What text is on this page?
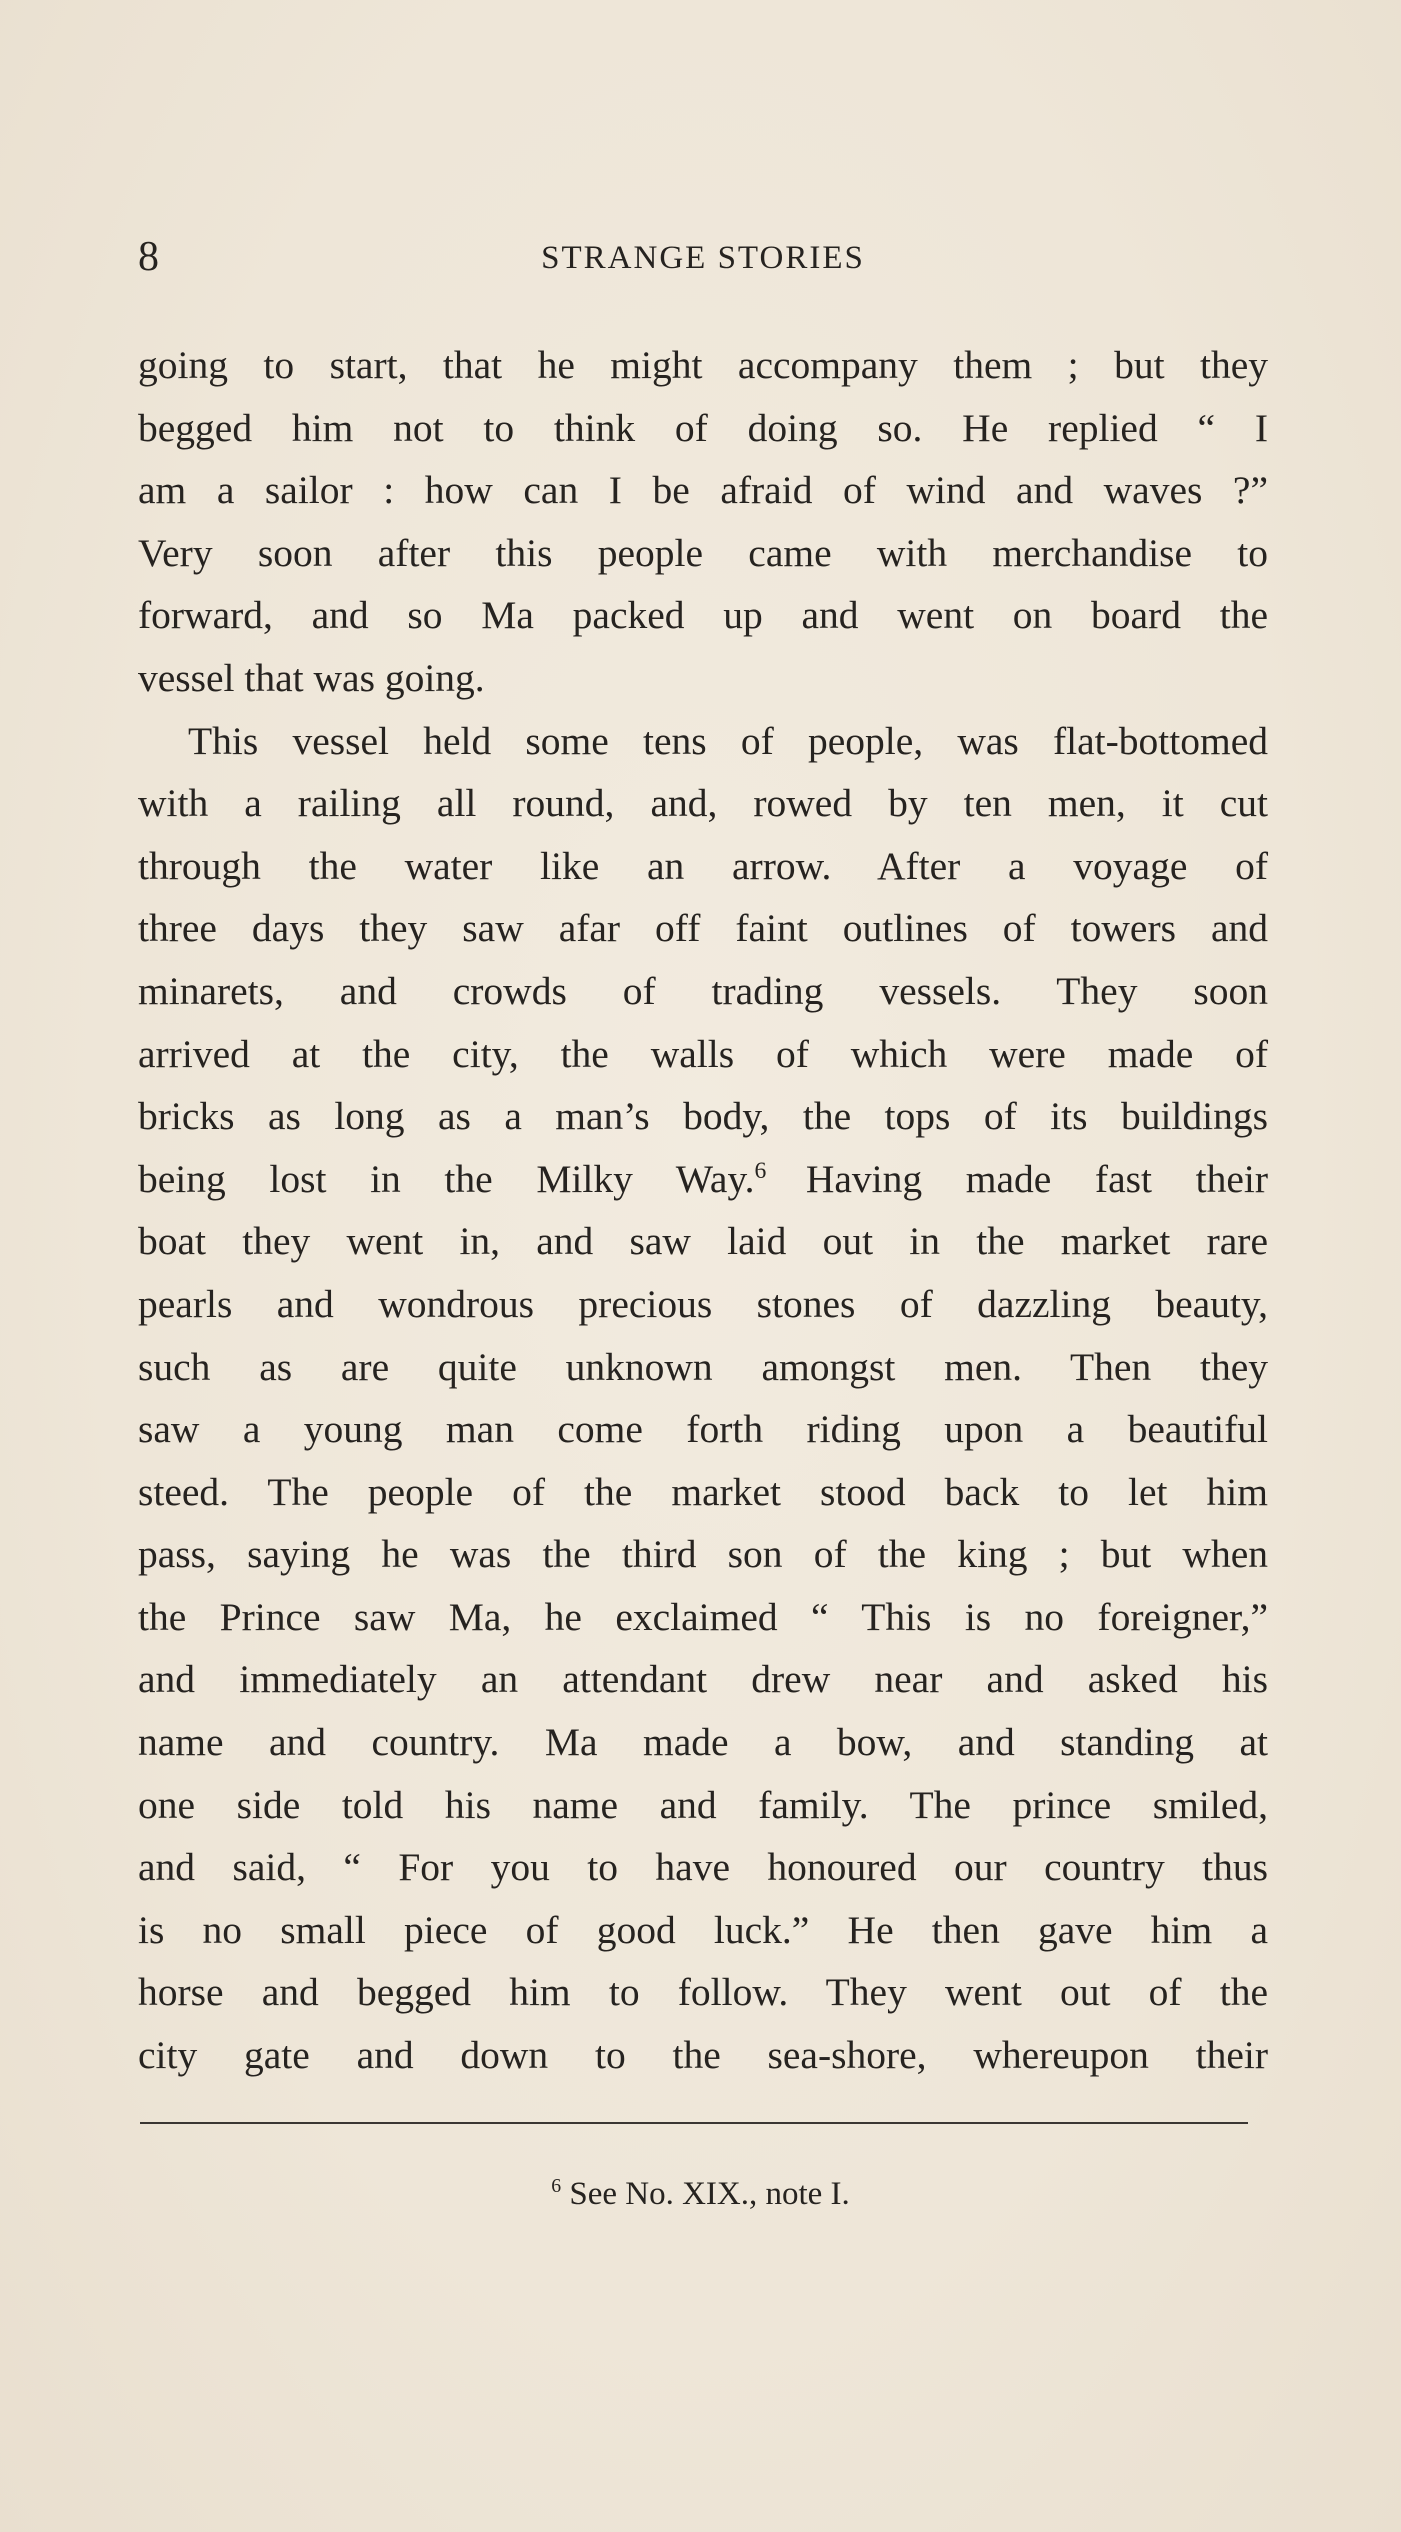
8	STRANGE STORIES
going to start, that he might accompany them ; but they
begged him not to think of doing so. He replied “ I
am a sailor : how can I be afraid of wind and waves ?”
Very soon after this people came with merchandise to
forward, and so Ma packed up and went on board the
vessel that was going.
This vessel held some tens of people, was flat-bottomed
with a railing all round, and, rowed by ten men, it cut
through the water like an arrow. After a voyage of
three days they saw afar off faint outlines of towers and
minarets, and crowds of trading vessels. They soon
arrived at the city, the walls of which were made of
bricks as long as a man’s body, the tops of its buildings
being lost in the Milky Way.$^6$  Having made fast their
boat they went in, and saw laid out in the market rare
pearls and wondrous precious stones of dazzling beauty,
such as are quite unknown amongst men. Then they
saw a young man come forth riding upon a beautiful
steed. The people of the market stood back to let him
pass, saying he was the third son of the king ; but when
the Prince saw Ma, he exclaimed “ This is no foreigner,”
and immediately an attendant drew near and asked his
name and country. Ma made a bow, and standing at
one side told his name and family. The prince smiled,
and said, “ For you to have honoured our country thus
is no small piece of good luck.” He then gave him a
horse and begged him to follow. They went out of the
city gate and down to the sea-shore, whereupon their
$^6$ See No. XIX., note I.
